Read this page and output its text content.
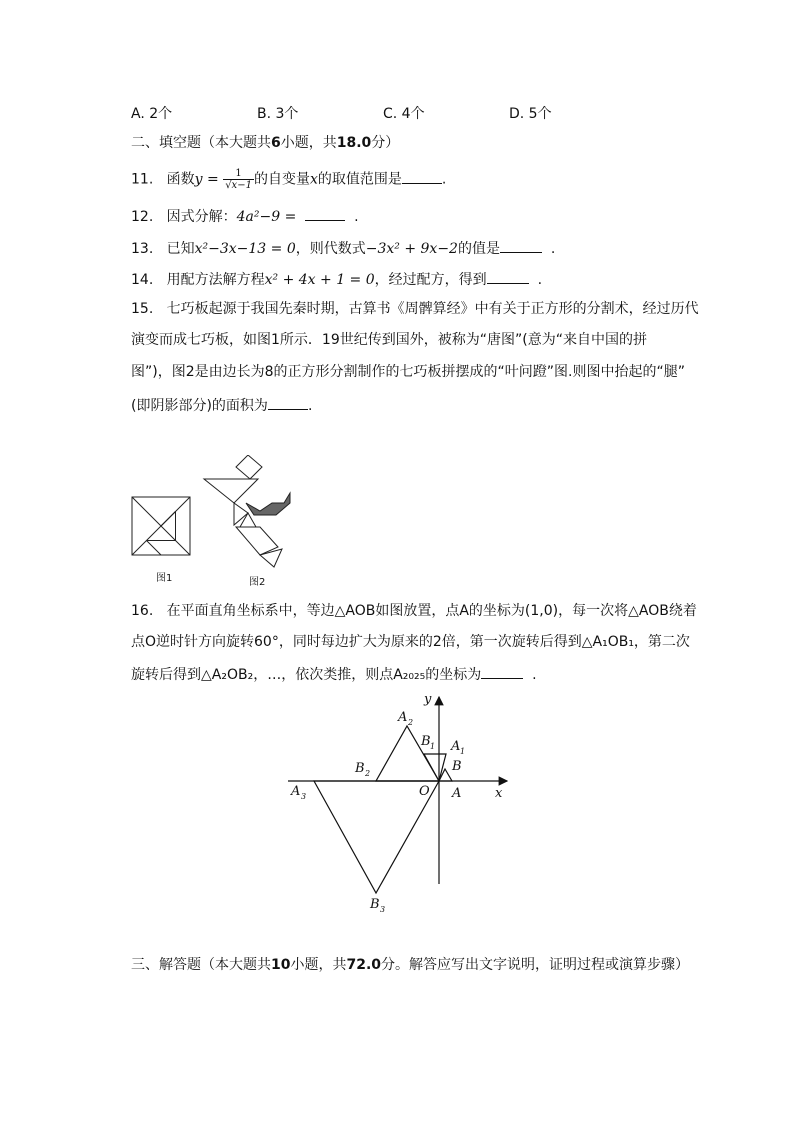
A. 2个	B. 3个	C. 4个	D. 5个
二、填空题（本大题共6小题，共18.0分）
11. 函数$y = \frac{1}{√x-1}$ 的自变量x的取值范围是	.
12. 因式分解：4a²−9 =	.
13. 已知x²−3x−13 = 0，则代数式−3x² + 9x−2的值是	.
14. 用配方法解方程x² + 4x + 1 = 0，经过配方，得到	.
15. 七巧板起源于我国先秦时期，古算书《周髀算经》中有关于正方形的分割术，经过历代
演变而成七巧板，如图1所示．19世纪传到国外，被称为“唐图”(意为“来自中国的拼
图”)，图2是由边长为8的正方形分割制作的七巧板拼摆成的“叶问蹬”图.则图中抬起的“腿”
(即阴影部分)的面积为	.
图1	图2
16. 在平面直角坐标系中，等边△AOB如图放置，点A的坐标为(1,0)，每一次将△AOB绕着
点O逆时针方向旋转60°，同时每边扩大为原来的2倍，第一次旋转后得到△A₁OB₁，第二次
旋转后得到△A₂OB₂，…，依次类推，则点A₂₀₂₅的坐标为	.
y
x
O A
B
A 1
B 1
A 2
B 2
A 3
B 3
三、解答题（本大题共10小题，共72.0分。解答应写出文字说明，证明过程或演算步骤）
